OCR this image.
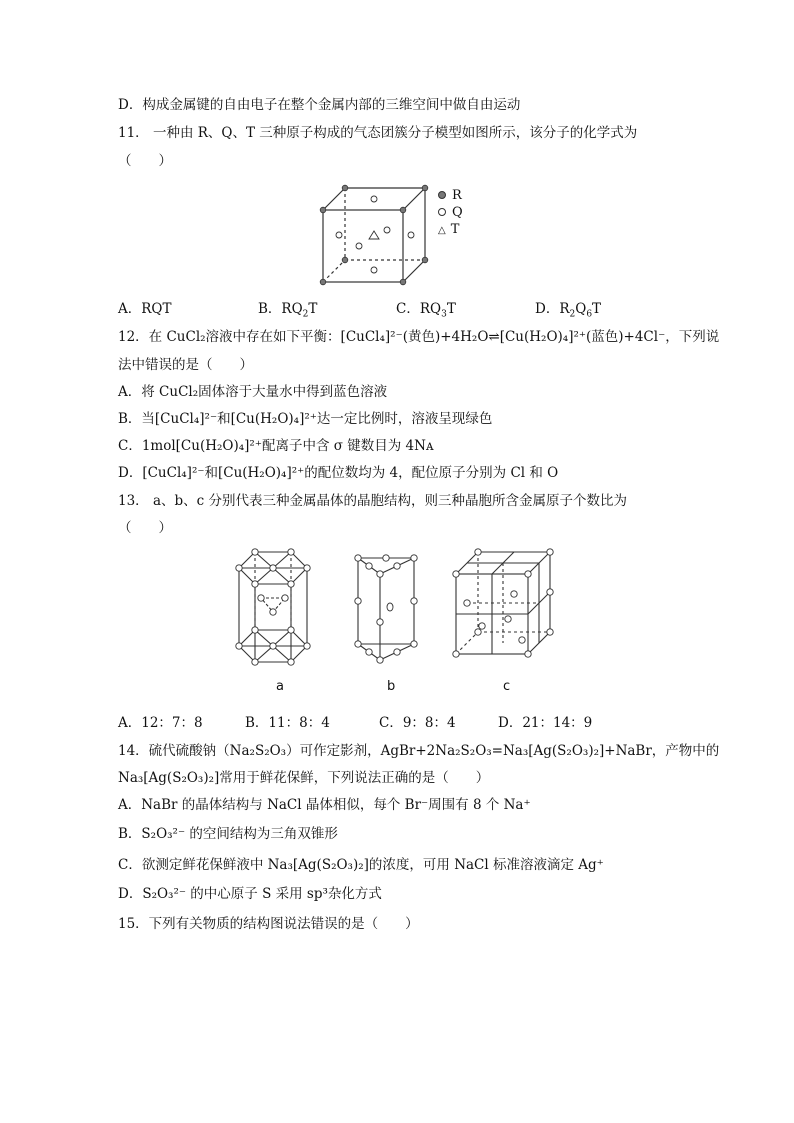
D．构成金属键的自由电子在整个金属内部的三维空间中做自由运动
11． 一种由 R、Q、T 三种原子构成的气态团簇分子模型如图所示，该分子的化学式为
（　　）
R
Q
△ T
A．RQT	B．$RQ_2T$	C．$RQ_3T$	D．$R_2Q_6T$
12．在 CuCl₂溶液中存在如下平衡：[CuCl₄]²⁻(黄色)+4H₂O⇌[Cu(H₂O)₄]²⁺(蓝色)+4Cl⁻，下列说
法中错误的是（　　）
A．将 CuCl₂固体溶于大量水中得到蓝色溶液
B．当[CuCl₄]²⁻和[Cu(H₂O)₄]²⁺达一定比例时，溶液呈现绿色
C．1mol[Cu(H₂O)₄]²⁺配离子中含 σ 键数目为 4Nᴀ
D．[CuCl₄]²⁻和[Cu(H₂O)₄]²⁺的配位数均为 4，配位原子分别为 Cl 和 O
13． a、b、c 分别代表三种金属晶体的晶胞结构，则三种晶胞所含金属原子个数比为
（　　）
a	b	c
A．12：7：8	B．11：8：4	C．9：8：4	D．21：14：9
14．硫代硫酸钠（Na₂S₂O₃）可作定影剂，AgBr+2Na₂S₂O₃=Na₃[Ag(S₂O₃)₂]+NaBr，产物中的
Na₃[Ag(S₂O₃)₂]常用于鲜花保鲜，下列说法正确的是（　　）
A．NaBr 的晶体结构与 NaCl 晶体相似，每个 Br⁻周围有 8 个 Na⁺
B．S₂O₃²⁻ 的空间结构为三角双锥形
C．欲测定鲜花保鲜液中 Na₃[Ag(S₂O₃)₂]的浓度，可用 NaCl 标准溶液滴定 Ag⁺
D．S₂O₃²⁻ 的中心原子 S 采用 sp³杂化方式
15．下列有关物质的结构图说法错误的是（　　）
